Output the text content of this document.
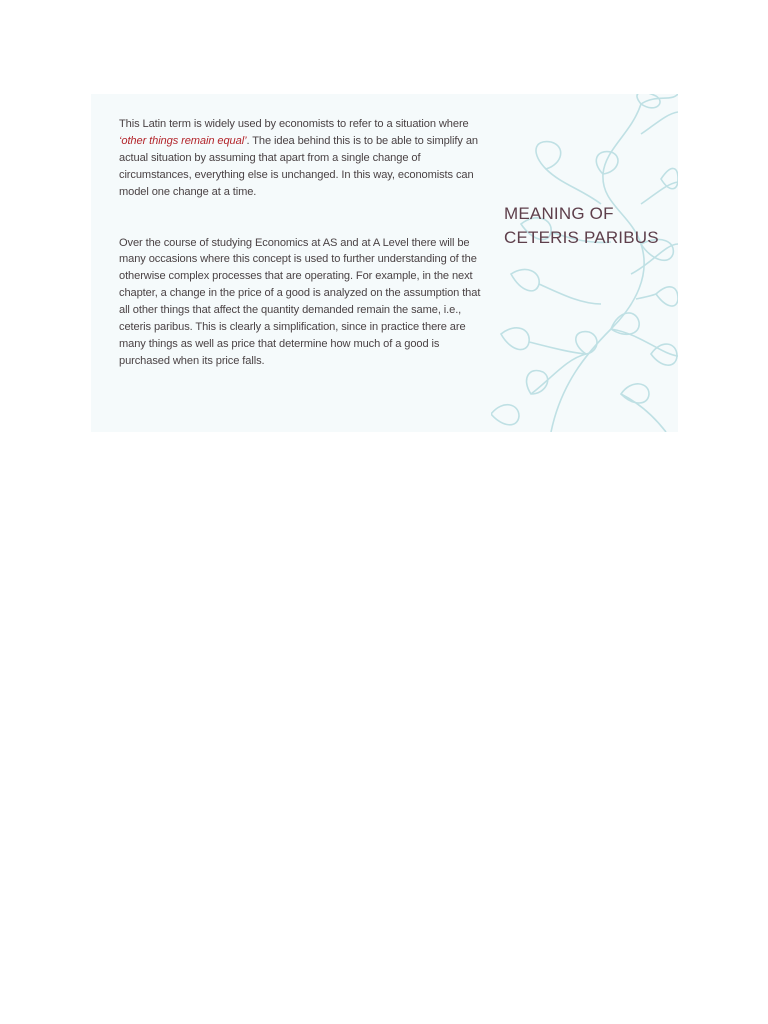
This Latin term is widely used by economists to refer to a situation where ‘other things remain equal’. The idea behind this is to be able to simplify an actual situation by assuming that apart from a single change of circumstances, everything else is unchanged. In this way, economists can model one change at a time.

Over the course of studying Economics at AS and at A Level there will be many occasions where this concept is used to further understanding of the otherwise complex processes that are operating. For example, in the next chapter, a change in the price of a good is analyzed on the assumption that all other things that affect the quantity demanded remain the same, i.e., ceteris paribus. This is clearly a simplification, since in practice there are many things as well as price that determine how much of a good is purchased when its price falls.

MEANING OF
CETERIS PARIBUS
